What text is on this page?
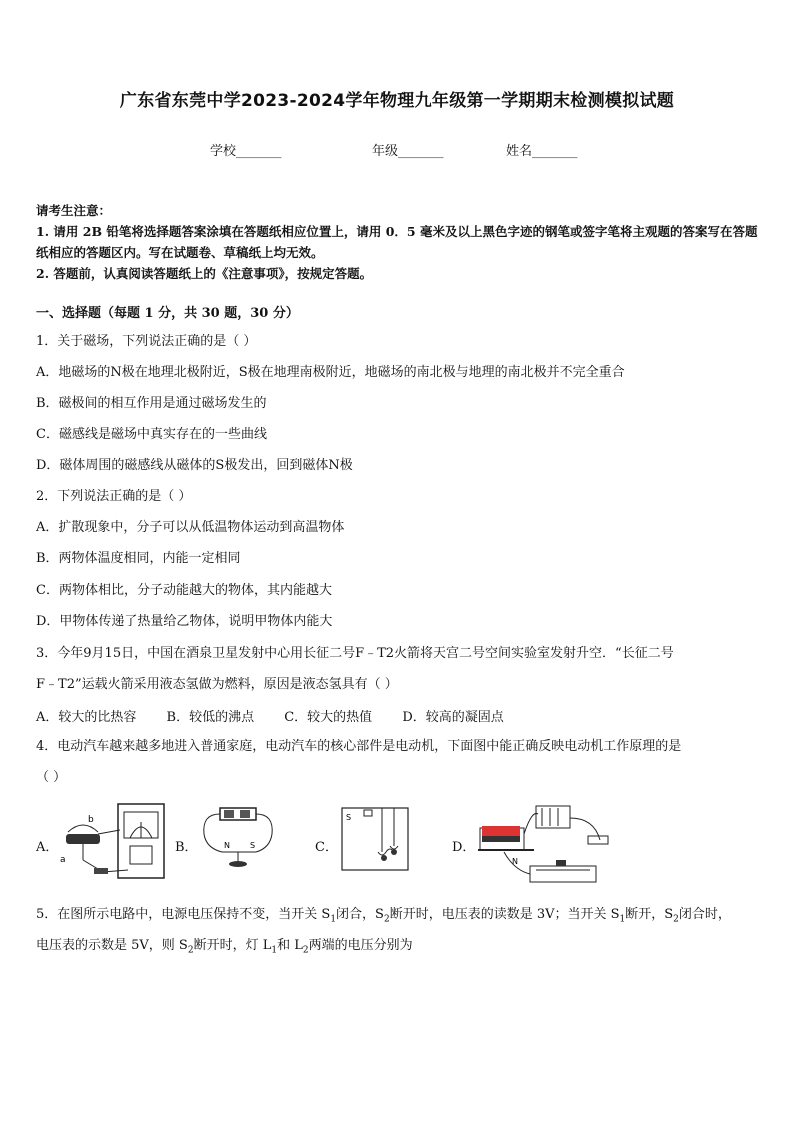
广东省东莞中学2023-2024学年物理九年级第一学期期末检测模拟试题
学校_______	年级_______	姓名_______

请考生注意：

1. 请用 2B 铅笔将选择题答案涂填在答题纸相应位置上，请用 0．5 毫米及以上黑色字迹的钢笔或签字笔将主观题的答案写在答题纸相应的答题区内。写在试题卷、草稿纸上均无效。

2. 答题前，认真阅读答题纸上的《注意事项》，按规定答题。

一、选择题（每题 1 分，共 30 题，30 分）
1．关于磁场，下列说法正确的是（ ）
A．地磁场的N极在地理北极附近，S极在地理南极附近，地磁场的南北极与地理的南北极并不完全重合
B．磁极间的相互作用是通过磁场发生的
C．磁感线是磁场中真实存在的一些曲线
D．磁体周围的磁感线从磁体的S极发出，回到磁体N极
2．下列说法正确的是（ ）
A．扩散现象中，分子可以从低温物体运动到高温物体
B．两物体温度相同，内能一定相同
C．两物体相比，分子动能越大的物体，其内能越大
D．甲物体传递了热量给乙物体，说明甲物体内能大
3．今年9月15日，中国在酒泉卫星发射中心用长征二号F﹣T2火箭将天宫二号空间实验室发射升空．“长征二号
F﹣T2”运载火箭采用液态氢做为燃料，原因是液态氢具有（ ）
A．较大的比热容 B．较低的沸点 C．较大的热值 D．较高的凝固点
4．电动汽车越来越多地进入普通家庭，电动汽车的核心部件是电动机，下面图中能正确反映电动机工作原理的是
（ ）
A．
a
b
B．	N	S	C．
S
D．
N
5．在图所示电路中，电源电压保持不变，当开关 $S_1$闭合，$S_2$断开时，电压表的读数是 3V；当开关 $S_1$断开，$S_2$闭合时，
电压表的示数是 5V，则 $S_2$断开时，灯 $L_1$和 $L_2$两端的电压分别为
